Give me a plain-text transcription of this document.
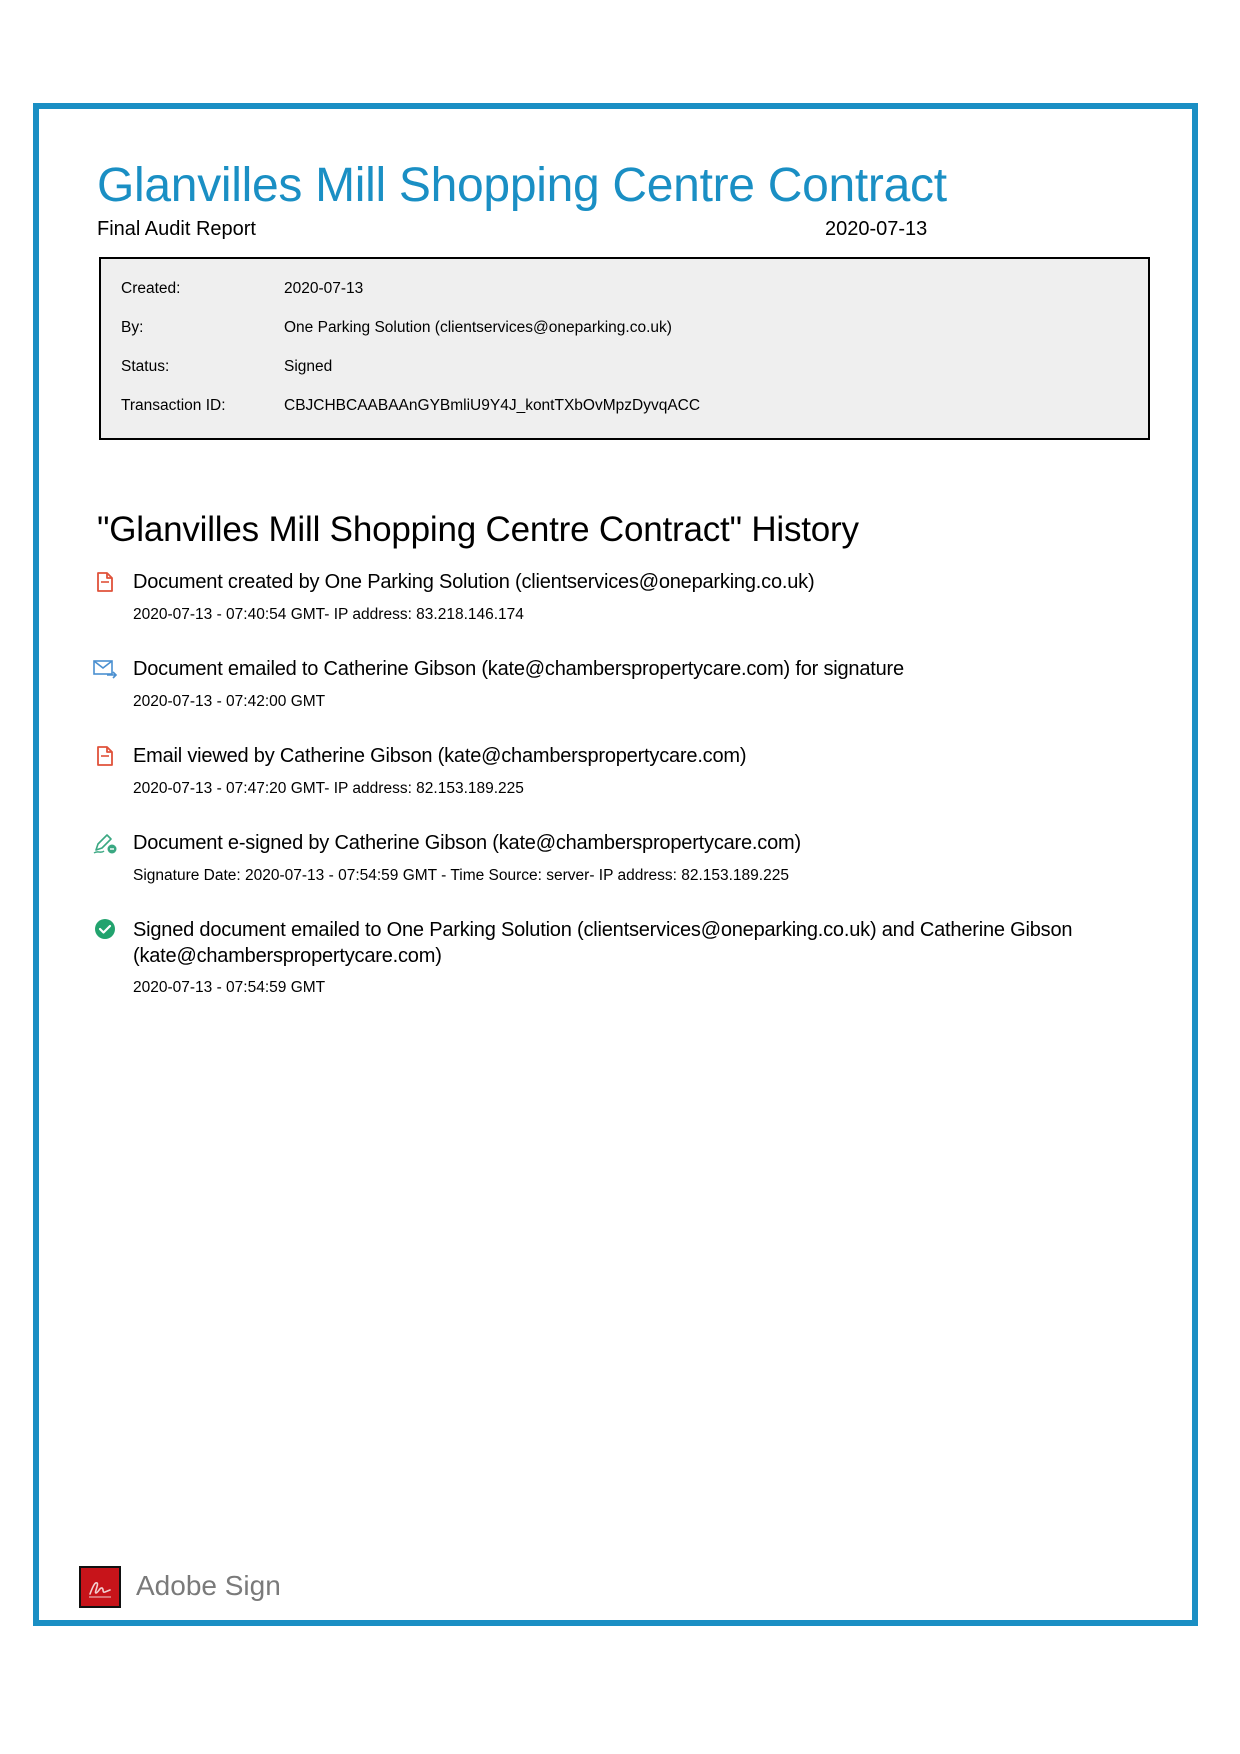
Glanvilles Mill Shopping Centre Contract
Final Audit Report	2020-07-13
Created:	2020-07-13
By:	One Parking Solution (clientservices@oneparking.co.uk)
Status:	Signed
Transaction ID:	CBJCHBCAABAAnGYBmliU9Y4J_kontTXbOvMpzDyvqACC
"Glanvilles Mill Shopping Centre Contract" History
Document created by One Parking Solution (clientservices@oneparking.co.uk)
2020-07-13 - 07:40:54 GMT- IP address: 83.218.146.174
Document emailed to Catherine Gibson (kate@chamberspropertycare.com) for signature
2020-07-13 - 07:42:00 GMT
Email viewed by Catherine Gibson (kate@chamberspropertycare.com)
2020-07-13 - 07:47:20 GMT- IP address: 82.153.189.225
Document e-signed by Catherine Gibson (kate@chamberspropertycare.com)
Signature Date: 2020-07-13 - 07:54:59 GMT - Time Source: server- IP address: 82.153.189.225
Signed document emailed to One Parking Solution (clientservices@oneparking.co.uk) and Catherine Gibson (kate@chamberspropertycare.com)
2020-07-13 - 07:54:59 GMT
Adobe Sign
